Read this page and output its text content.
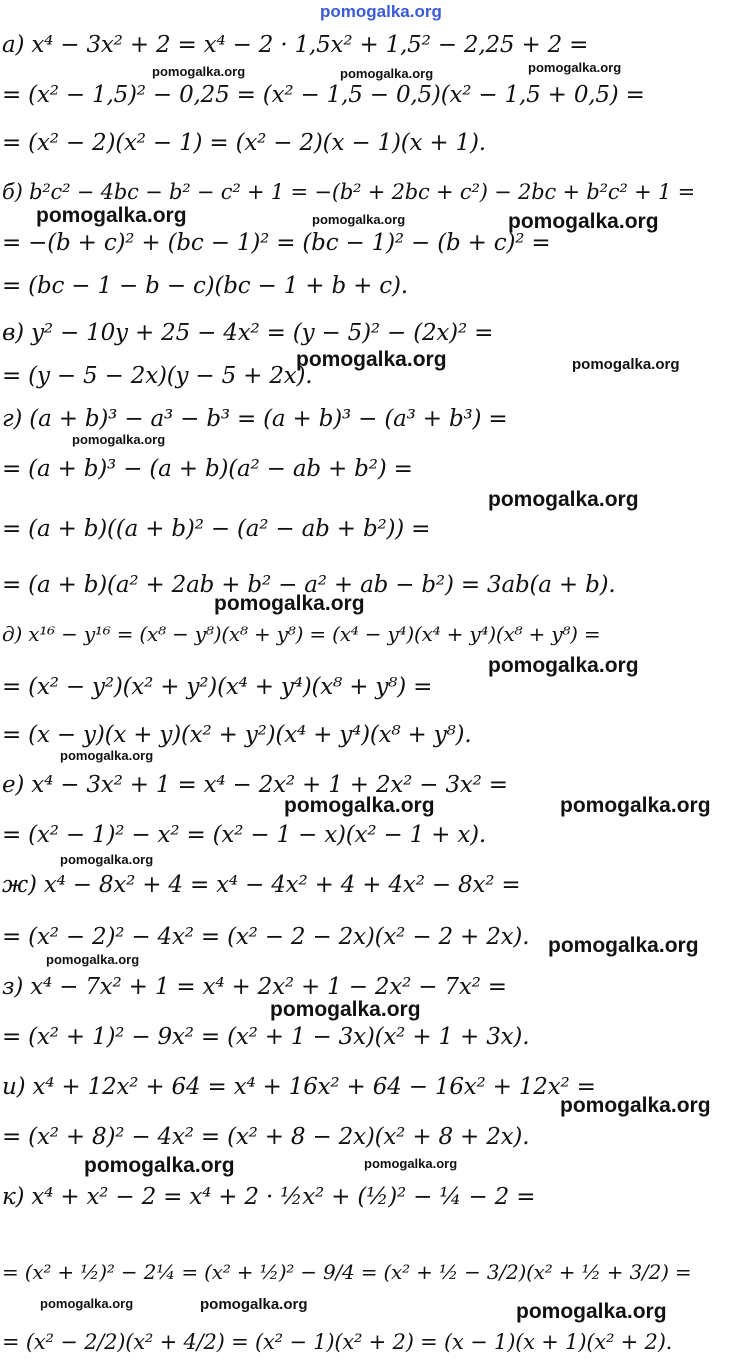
pomogalka.org
а) x⁴ − 3x² + 2 = x⁴ − 2 · 1,5x² + 1,5² − 2,25 + 2 =
= (x² − 1,5)² − 0,25 = (x² − 1,5 − 0,5)(x² − 1,5 + 0,5) =
= (x² − 2)(x² − 1) = (x² − 2)(x − 1)(x + 1).
б) b²c² − 4bc − b² − c² + 1 = −(b² + 2bc + c²) − 2bc + b²c² + 1 =
= −(b + c)² + (bc − 1)² = (bc − 1)² − (b + c)² =
= (bc − 1 − b − c)(bc − 1 + b + c).
в) y² − 10y + 25 − 4x² = (y − 5)² − (2x)² =
= (y − 5 − 2x)(y − 5 + 2x).
г) (a + b)³ − a³ − b³ = (a + b)³ − (a³ + b³) =
= (a + b)³ − (a + b)(a² − ab + b²) =
= (a + b)((a + b)² − (a² − ab + b²)) =
= (a + b)(a² + 2ab + b² − a² + ab − b²) = 3ab(a + b).
д) x¹⁶ − y¹⁶ = (x⁸ − y⁸)(x⁸ + y⁸) = (x⁴ − y⁴)(x⁴ + y⁴)(x⁸ + y⁸) =
= (x² − y²)(x² + y²)(x⁴ + y⁴)(x⁸ + y⁸) =
= (x − y)(x + y)(x² + y²)(x⁴ + y⁴)(x⁸ + y⁸).
е) x⁴ − 3x² + 1 = x⁴ − 2x² + 1 + 2x² − 3x² =
= (x² − 1)² − x² = (x² − 1 − x)(x² − 1 + x).
ж) x⁴ − 8x² + 4 = x⁴ − 4x² + 4 + 4x² − 8x² =
= (x² − 2)² − 4x² = (x² − 2 − 2x)(x² − 2 + 2x).
з) x⁴ − 7x² + 1 = x⁴ + 2x² + 1 − 2x² − 7x² =
= (x² + 1)² − 9x² = (x² + 1 − 3x)(x² + 1 + 3x).
и) x⁴ + 12x² + 64 = x⁴ + 16x² + 64 − 16x² + 12x² =
= (x² + 8)² − 4x² = (x² + 8 − 2x)(x² + 8 + 2x).
к) x⁴ + x² − 2 = x⁴ + 2 · ½x² + (½)² − ¼ − 2 =
= (x² + ½)² − 2¼ = (x² + ½)² − 9/4 = (x² + ½ − 3/2)(x² + ½ + 3/2) =
= (x² − 2/2)(x² + 4/2) = (x² − 1)(x² + 2) = (x − 1)(x + 1)(x² + 2).
pomogalka.org	pomogalka.org	pomogalka.org
pomogalka.org	pomogalka.org	pomogalka.org
pomogalka.org	pomogalka.org
pomogalka.org
pomogalka.org
pomogalka.org
pomogalka.org
pomogalka.org
pomogalka.org	pomogalka.org
pomogalka.org
pomogalka.org
pomogalka.org
pomogalka.org
pomogalka.org
pomogalka.org	pomogalka.org
pomogalka.org	pomogalka.org	pomogalka.org
